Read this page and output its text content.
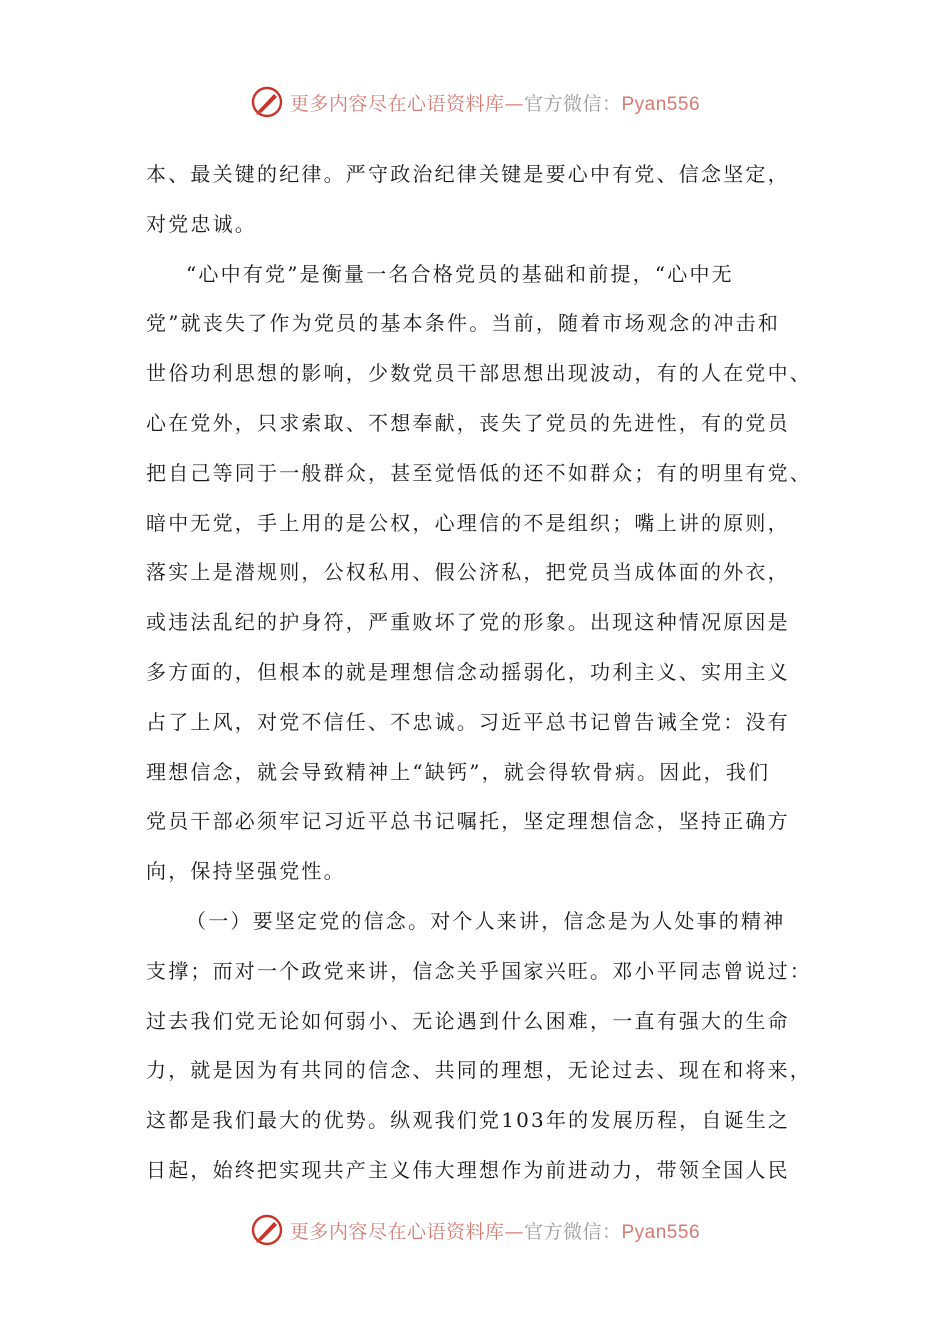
更多内容尽在心语资料库—官方微信：Pyan556
本、最关键的纪律。严守政治纪律关键是要心中有党、信念坚定，
对党忠诚。
“心中有党”是衡量一名合格党员的基础和前提，“心中无
党”就丧失了作为党员的基本条件。当前，随着市场观念的冲击和
世俗功利思想的影响，少数党员干部思想出现波动，有的人在党中、
心在党外，只求索取、不想奉献，丧失了党员的先进性，有的党员
把自己等同于一般群众，甚至觉悟低的还不如群众；有的明里有党、
暗中无党，手上用的是公权，心理信的不是组织；嘴上讲的原则，
落实上是潜规则，公权私用、假公济私，把党员当成体面的外衣，
或违法乱纪的护身符，严重败坏了党的形象。出现这种情况原因是
多方面的，但根本的就是理想信念动摇弱化，功利主义、实用主义
占了上风，对党不信任、不忠诚。习近平总书记曾告诫全党：没有
理想信念，就会导致精神上“缺钙”，就会得软骨病。因此，我们
党员干部必须牢记习近平总书记嘱托，坚定理想信念，坚持正确方
向，保持坚强党性。
（一）要坚定党的信念。对个人来讲，信念是为人处事的精神
支撑；而对一个政党来讲，信念关乎国家兴旺。邓小平同志曾说过：
过去我们党无论如何弱小、无论遇到什么困难，一直有强大的生命
力，就是因为有共同的信念、共同的理想，无论过去、现在和将来，
这都是我们最大的优势。纵观我们党103年的发展历程，自诞生之
日起，始终把实现共产主义伟大理想作为前进动力，带领全国人民
更多内容尽在心语资料库—官方微信：Pyan556
